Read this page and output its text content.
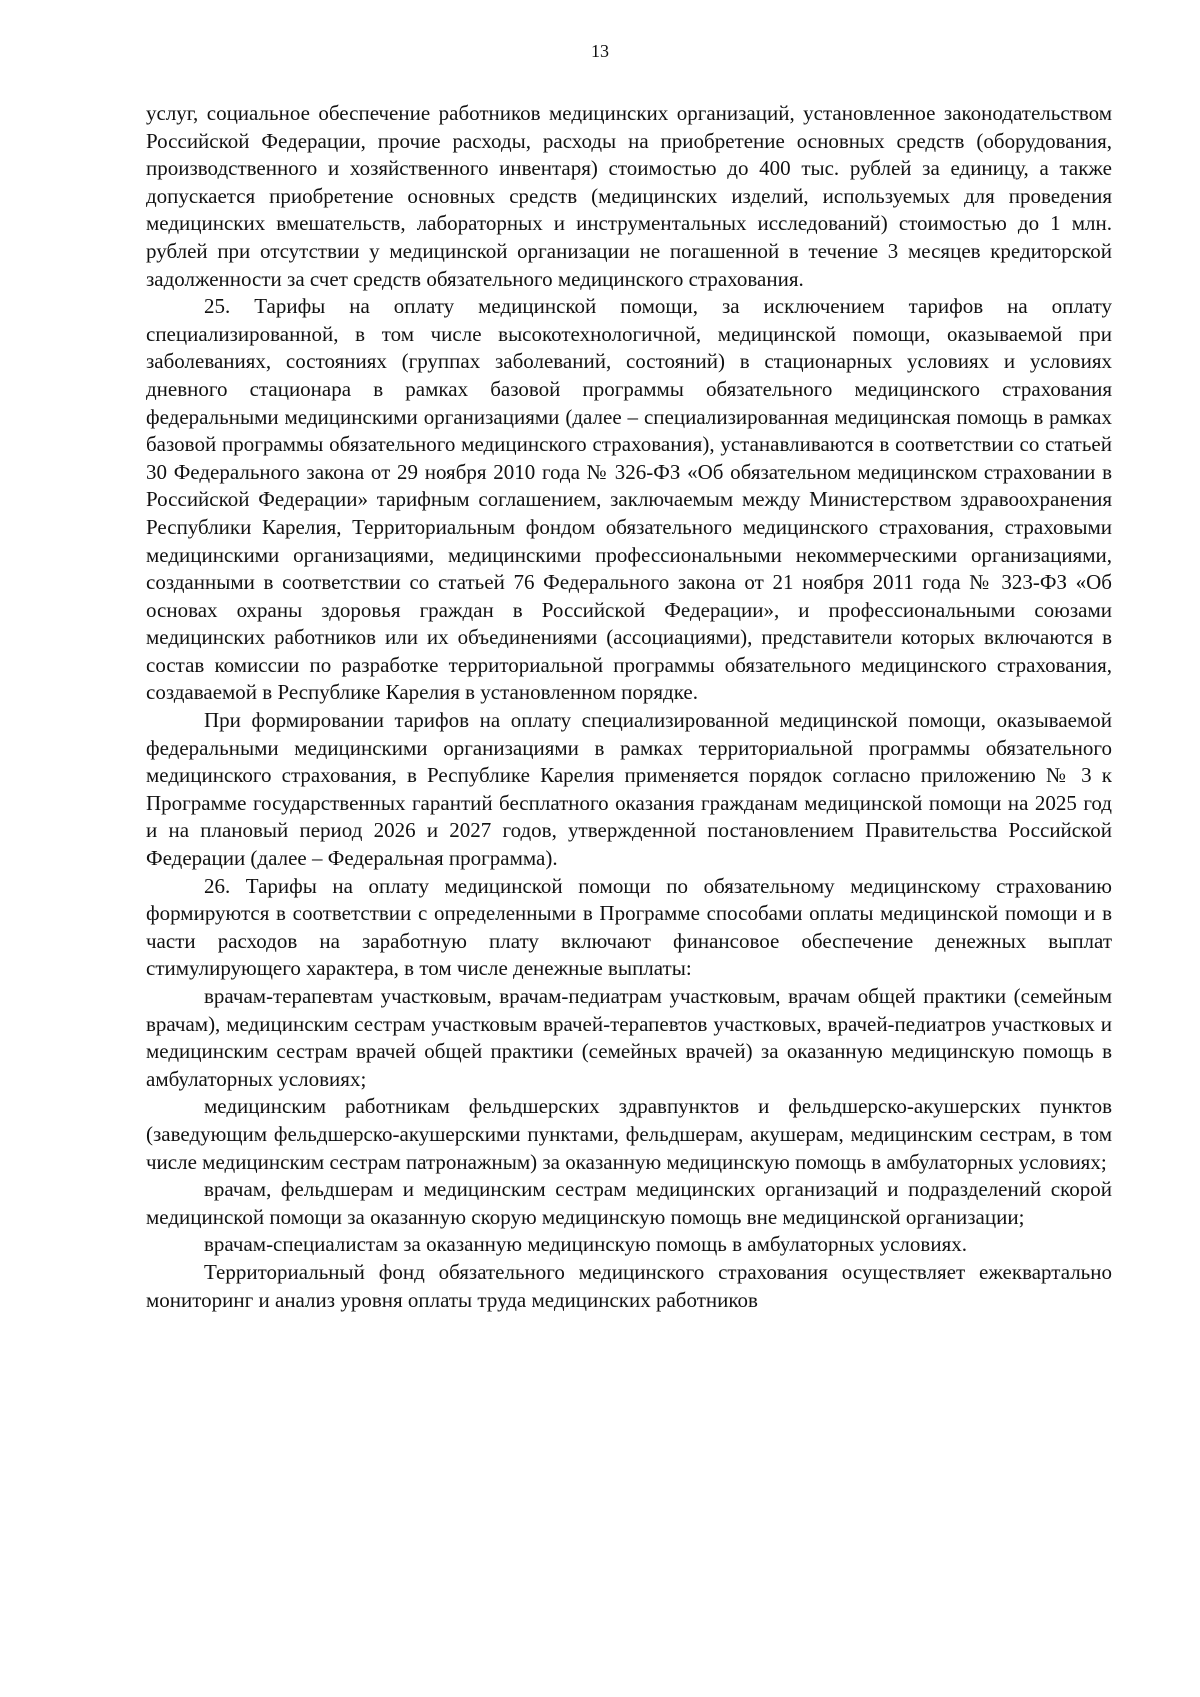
13

услуг, социальное обеспечение работников медицинских организаций, установленное законодательством Российской Федерации, прочие расходы, расходы на приобретение основных средств (оборудования, производственного и хозяйственного инвентаря) стоимостью до 400 тыс. рублей за единицу, а также допускается приобретение основных средств (медицинских изделий, используемых для проведения медицинских вмешательств, лабораторных и инструментальных исследований) стоимостью до 1 млн. рублей при отсутствии у медицинской организации не погашенной в течение 3 месяцев кредиторской задолженности за счет средств обязательного медицинского страхования.

25. Тарифы на оплату медицинской помощи, за исключением тарифов на оплату специализированной, в том числе высокотехнологичной, медицинской помощи, оказываемой при заболеваниях, состояниях (группах заболеваний, состояний) в стационарных условиях и условиях дневного стационара в рамках базовой программы обязательного медицинского страхования федеральными медицинскими организациями (далее – специализированная медицинская помощь в рамках базовой программы обязательного медицинского страхования), устанавливаются в соответствии со статьей 30 Федерального закона от 29 ноября 2010 года № 326-ФЗ «Об обязательном медицинском страховании в Российской Федерации» тарифным соглашением, заключаемым между Министерством здравоохранения Республики Карелия, Территориальным фондом обязательного медицинского страхования, страховыми медицинскими организациями, медицинскими профессиональными некоммерческими организациями, созданными в соответствии со статьей 76 Федерального закона от 21 ноября 2011 года № 323-ФЗ «Об основах охраны здоровья граждан в Российской Федерации», и профессиональными союзами медицинских работников или их объединениями (ассоциациями), представители которых включаются в состав комиссии по разработке территориальной программы обязательного медицинского страхования, создаваемой в Республике Карелия в установленном порядке.

При формировании тарифов на оплату специализированной медицинской помощи, оказываемой федеральными медицинскими организациями в рамках территориальной программы обязательного медицинского страхования, в Республике Карелия применяется порядок согласно приложению № 3 к Программе государственных гарантий бесплатного оказания гражданам медицинской помощи на 2025 год и на плановый период 2026 и 2027 годов, утвержденной постановлением Правительства Российской Федерации (далее – Федеральная программа).

26. Тарифы на оплату медицинской помощи по обязательному медицинскому страхованию формируются в соответствии с определенными в Программе способами оплаты медицинской помощи и в части расходов на заработную плату включают финансовое обеспечение денежных выплат стимулирующего характера, в том числе денежные выплаты:

врачам-терапевтам участковым, врачам-педиатрам участковым, врачам общей практики (семейным врачам), медицинским сестрам участковым врачей-терапевтов участковых, врачей-педиатров участковых и медицинским сестрам врачей общей практики (семейных врачей) за оказанную медицинскую помощь в амбулаторных условиях;

медицинским работникам фельдшерских здравпунктов и фельдшерско-акушерских пунктов (заведующим фельдшерско-акушерскими пунктами, фельдшерам, акушерам, медицинским сестрам, в том числе медицинским сестрам патронажным) за оказанную медицинскую помощь в амбулаторных условиях;

врачам, фельдшерам и медицинским сестрам медицинских организаций и подразделений скорой медицинской помощи за оказанную скорую медицинскую помощь вне медицинской организации;

врачам-специалистам за оказанную медицинскую помощь в амбулаторных условиях.

Территориальный фонд обязательного медицинского страхования осуществляет ежеквартально мониторинг и анализ уровня оплаты труда медицинских работников
